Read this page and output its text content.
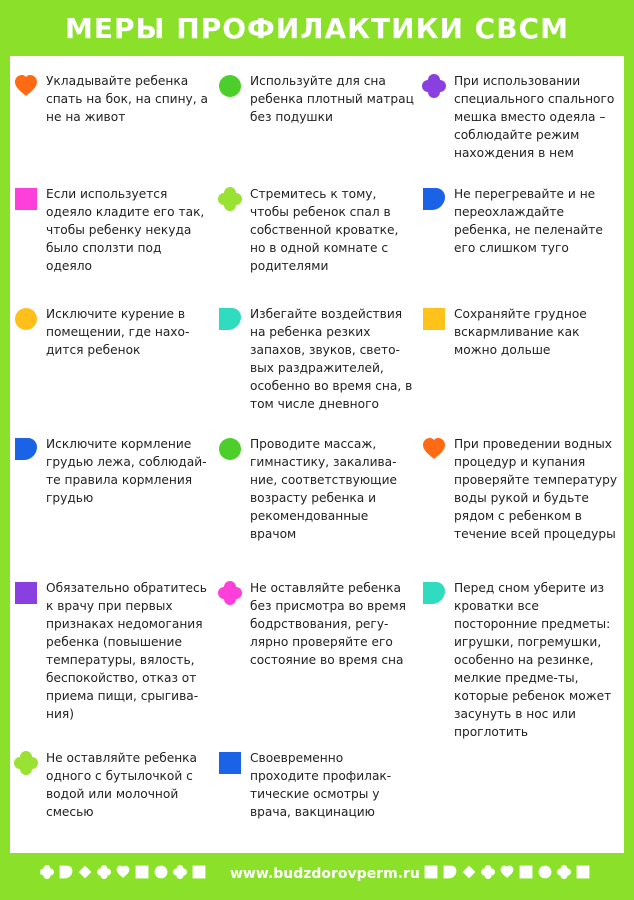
МЕРЫ ПРОФИЛАКТИКИ СВСМ
Укладывайте ребенка спать на бок, на спину, а не на живот
Используйте для сна ребенка плотный матрац без подушки
При использовании специального спального мешка вместо одеяла – соблюдайте режим нахождения в нем
Если используется одеяло кладите его так, чтобы ребенку некуда было сползти под одеяло
Стремитесь к тому, чтобы ребенок спал в собственной кроватке, но в одной комнате с родителями
Не перегревайте и не переохлаждайте ребенка, не пеленайте его слишком туго
Исключите курение в помещении, где нахо-дится ребенок
Избегайте воздействия на ребенка резких запахов, звуков, свето-вых раздражителей, особенно во время сна, в том числе дневного
Сохраняйте грудное вскармливание как можно дольше
Исключите кормление грудью лежа, соблюдай-те правила кормления грудью
Проводите массаж, гимнастику, закалива-ние, соответствующие возрасту ребенка и рекомендованные врачом
При проведении водных процедур и купания проверяйте температуру воды рукой и будьте рядом с ребенком в течение всей процедуры
Обязательно обратитесь к врачу при первых признаках недомогания ребенка (повышение температуры, вялость, беспокойство, отказ от приема пищи, срыгива-ния)
Не оставляйте ребенка без присмотра во время бодрствования, регу-лярно проверяйте его состояние во время сна
Перед сном уберите из кроватки все посторонние предметы: игрушки, погремушки, особенно на резинке, мелкие предме-ты, которые ребенок может засунуть в нос или проглотить
Не оставляйте ребенка одного с бутылочкой с водой или молочной смесью
Своевременно проходите профилак-тические осмотры у врача, вакцинацию
www.budzdorovperm.ru
